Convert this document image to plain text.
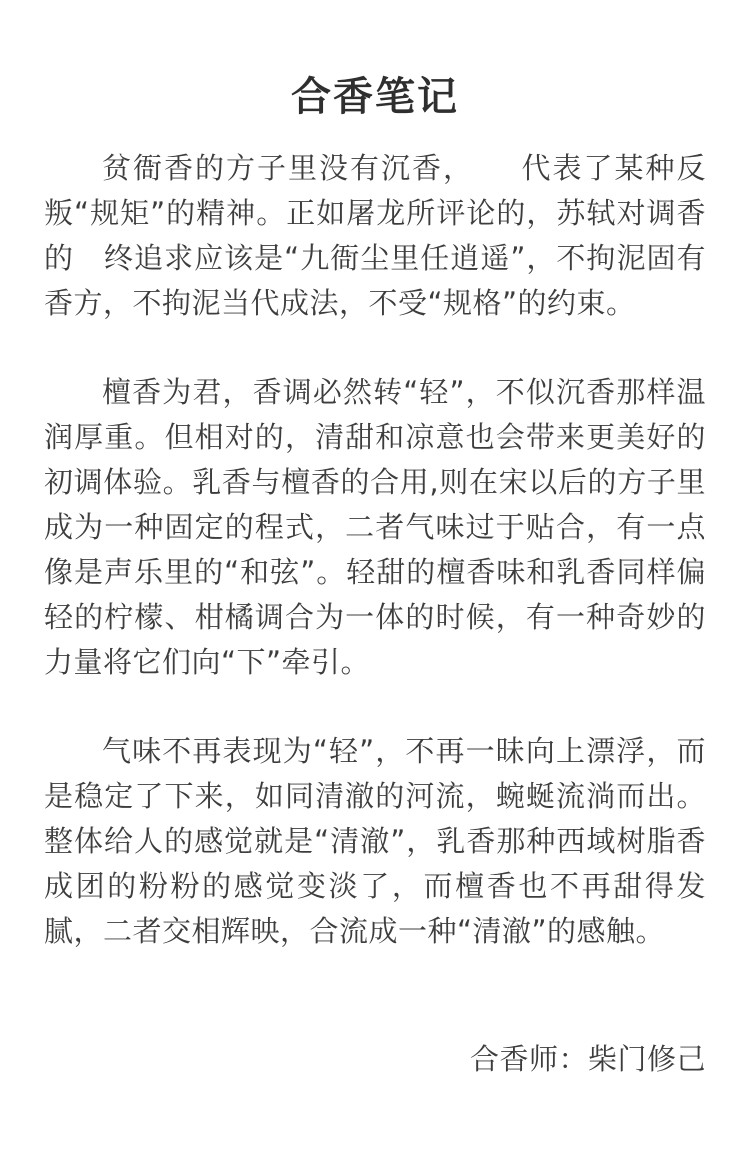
合香笔记

贫衙香的方子里没有沉香，　　代表了某种反叛“规矩”的精神。正如屠龙所评论的，苏轼对调香的　终追求应该是“九衙尘里任逍遥”，不拘泥固有香方，不拘泥当代成法，不受“规格”的约束。

檀香为君，香调必然转“轻”，不似沉香那样温润厚重。但相对的，清甜和凉意也会带来更美好的初调体验。乳香与檀香的合用,则在宋以后的方子里成为一种固定的程式，二者气味过于贴合，有一点像是声乐里的“和弦”。轻甜的檀香味和乳香同样偏轻的柠檬、柑橘调合为一体的时候，有一种奇妙的力量将它们向“下”牵引。

气味不再表现为“轻”，不再一昧向上漂浮，而是稳定了下来，如同清澈的河流，蜿蜒流淌而出。整体给人的感觉就是“清澈”，乳香那种西域树脂香成团的粉粉的感觉变淡了，而檀香也不再甜得发腻，二者交相辉映，合流成一种“清澈”的感触。

合香师：柴门修己
